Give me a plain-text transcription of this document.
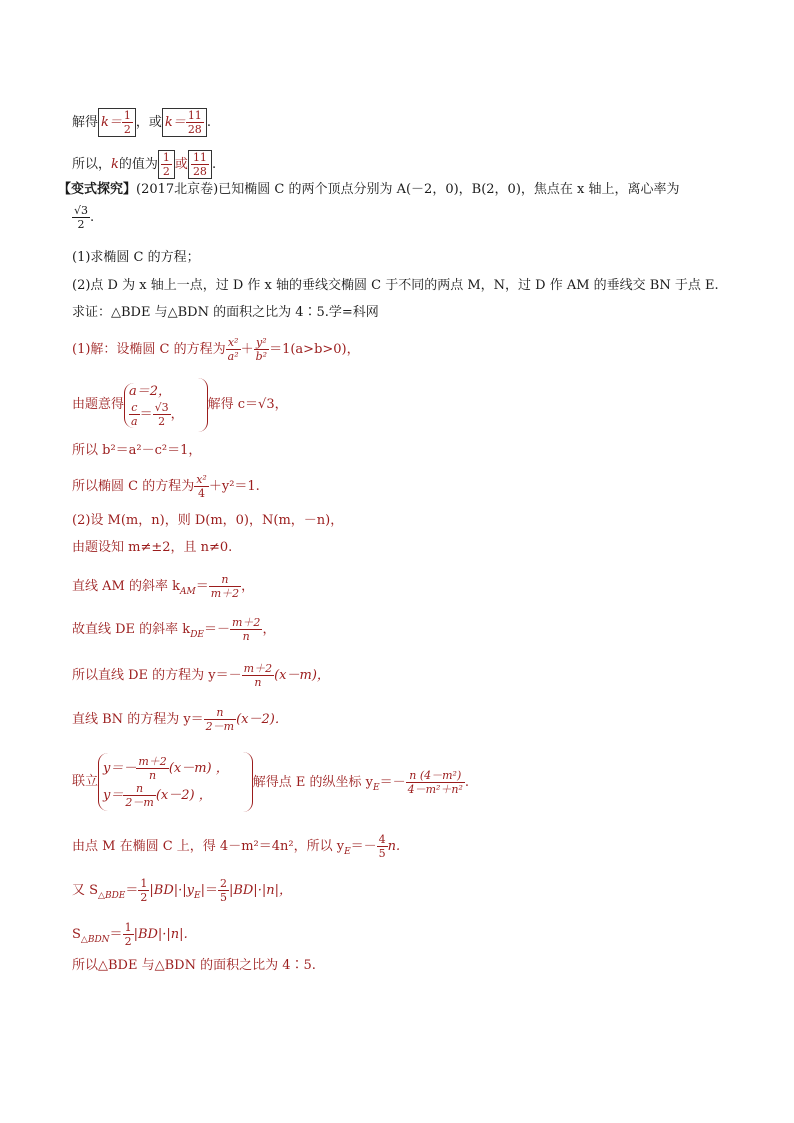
解得 $k= \frac{1}{2}$ ，或 $k= \frac{11}{28}$ .
所以，k的值为 $\frac{1}{2}$ 或 $\frac{11}{28}$ .
【变式探究】(2017北京卷)已知椭圆 C 的两个顶点分别为 A(－2，0)，B(2，0)，焦点在 x 轴上，离心率为
$\frac{√3}{2}$ .
(1)求椭圆 C 的方程；
(2)点 D 为 x 轴上一点，过 D 作 x 轴的垂线交椭圆 C 于不同的两点 M，N，过 D 作 AM 的垂线交 BN 于点 E.
求证：△BDE 与△BDN 的面积之比为 4∶5.学=科网
(1)解：设椭圆 C 的方程为 $\frac{\text{x²}}{\text{a²}} + \frac{\text{y²}}{\text{b²}} =1(a>b>0)$，
由题意得
a＝2，
$\frac{c}{a} = \frac{√3}{2}$ ，
解得 c＝√3，
所以 b²＝a²－c²＝1，
所以椭圆 C 的方程为 $\frac{\text{x²}}{4} +y^2=1$.
(2)设 M(m，n)，则 D(m，0)，N(m，－n)，
由题设知 m≠±2，且 n≠0.
直线 AM 的斜率 $k_{AM}= \frac{n}{m+2}$ ，
故直线 DE 的斜率 $k_{DE}=- \frac{m+2}{n}$ ，
所以直线 DE 的方程为 $y=- \frac{m+2}{n} (x-m)$，
直线 BN 的方程为 $y= \frac{n}{2-m} (x-2)$．
联立
$y=- \frac{m+2}{n} (x-m)$ ，
$y= \frac{n}{2-m} (x-2)$ ，
解得点 E 的纵坐标 $y_E=- \frac{\text{n (4－m²)}}{\text{4－m²＋n²}}$ .
由点 M 在椭圆 C 上，得 4－m²＝4n²，所以 $y_E=- \frac{4}{5} n$.
又 $S_{\triangle BDE}= \frac{1}{2} |BD|\cdot|y_E|= \frac{2}{5} |BD|\cdot|n|$，
$S_{\triangle BDN}= \frac{1}{2} |BD|\cdot|n|$.
所以△BDE 与△BDN 的面积之比为 4∶5.
